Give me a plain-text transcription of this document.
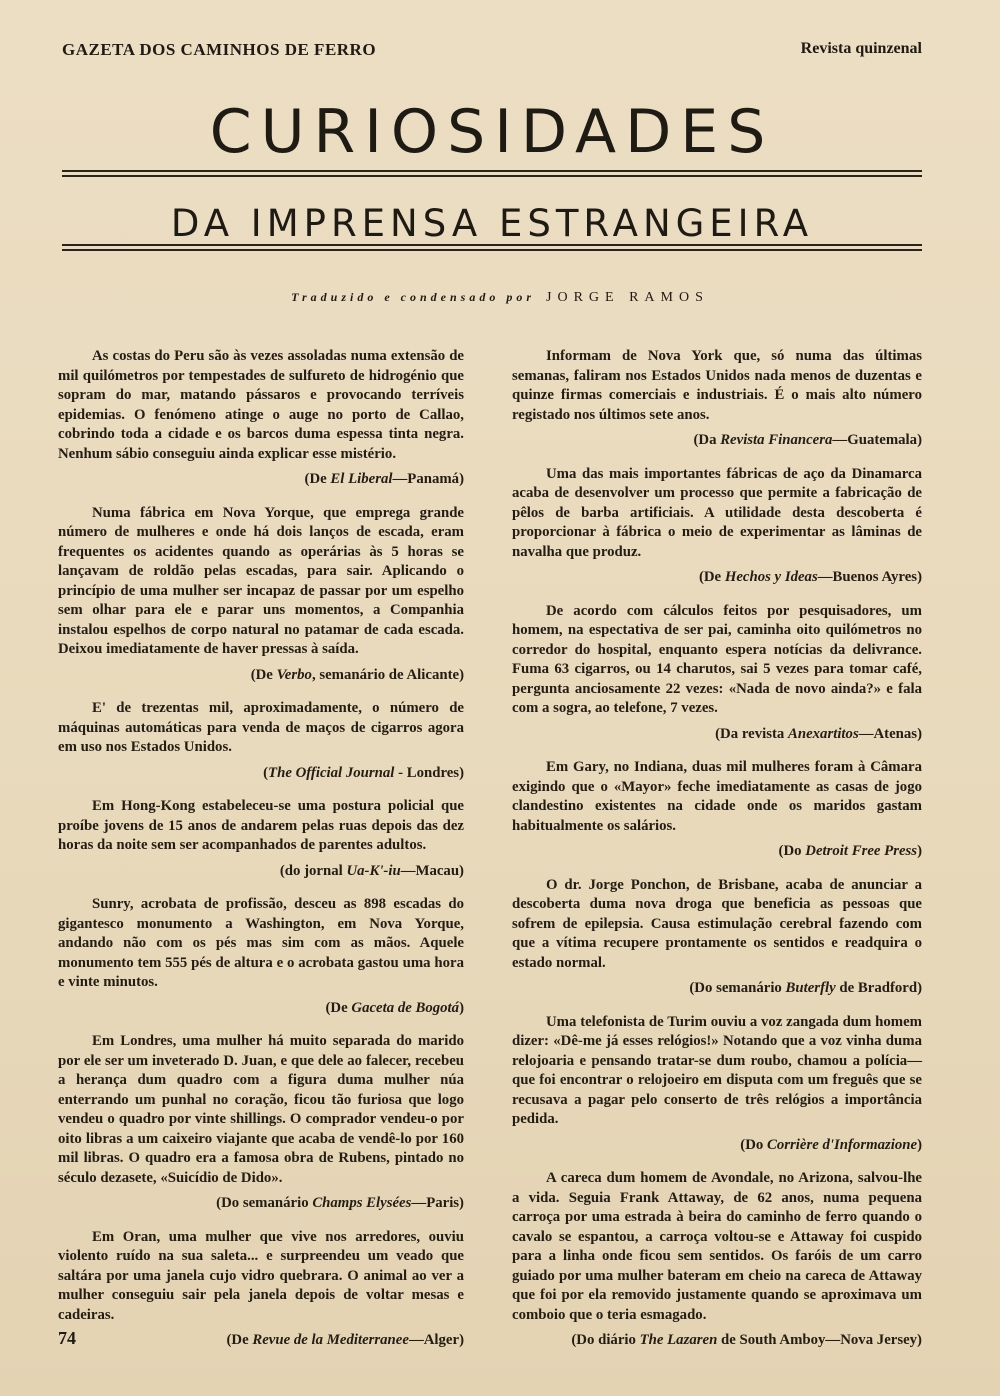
GAZETA DOS CAMINHOS DE FERRO	Revista quinzenal
CURIOSIDADES
DA IMPRENSA ESTRANGEIRA
Traduzido e condensado por JORGE RAMOS

As costas do Peru são às vezes assoladas numa extensão de mil quilómetros por tempestades de sulfureto de hidrogénio que sopram do mar, matando pássaros e provocando terríveis epidemias. O fenómeno atinge o auge no porto de Callao, cobrindo toda a cidade e os barcos duma espessa tinta negra. Nenhum sábio conseguiu ainda explicar esse mistério.

(De El Liberal—Panamá)

Numa fábrica em Nova Yorque, que emprega grande número de mulheres e onde há dois lanços de escada, eram frequentes os acidentes quando as operárias às 5 horas se lançavam de roldão pelas escadas, para sair. Aplicando o princípio de uma mulher ser incapaz de passar por um espelho sem olhar para ele e parar uns momentos, a Companhia instalou espelhos de corpo natural no patamar de cada escada. Deixou imediatamente de haver pressas à saída.

(De Verbo, semanário de Alicante)

E' de trezentas mil, aproximadamente, o número de máquinas automáticas para venda de maços de cigarros agora em uso nos Estados Unidos.

(The Official Journal - Londres)

Em Hong-Kong estabeleceu-se uma postura policial que proíbe jovens de 15 anos de andarem pelas ruas depois das dez horas da noite sem ser acompanhados de parentes adultos.

(do jornal Ua-K'-iu—Macau)

Sunry, acrobata de profissão, desceu as 898 escadas do gigantesco monumento a Washington, em Nova Yorque, andando não com os pés mas sim com as mãos. Aquele monumento tem 555 pés de altura e o acrobata gastou uma hora e vinte minutos.

(De Gaceta de Bogotá)

Em Londres, uma mulher há muito separada do marido por ele ser um inveterado D. Juan, e que dele ao falecer, recebeu a herança dum quadro com a figura duma mulher núa enterrando um punhal no coração, ficou tão furiosa que logo vendeu o quadro por vinte shillings. O comprador vendeu-o por oito libras a um caixeiro viajante que acaba de vendê-lo por 160 mil libras. O quadro era a famosa obra de Rubens, pintado no século dezasete, «Suicídio de Dido».

(Do semanário Champs Elysées—Paris)

Em Oran, uma mulher que vive nos arredores, ouviu violento ruído na sua saleta... e surpreendeu um veado que saltára por uma janela cujo vidro quebrara. O animal ao ver a mulher conseguiu sair pela janela depois de voltar mesas e cadeiras.

(De Revue de la Mediterranee—Alger)

Informam de Nova York que, só numa das últimas semanas, faliram nos Estados Unidos nada menos de duzentas e quinze firmas comerciais e industriais. É o mais alto número registado nos últimos sete anos.

(Da Revista Financera—Guatemala)

Uma das mais importantes fábricas de aço da Dinamarca acaba de desenvolver um processo que permite a fabricação de pêlos de barba artificiais. A utilidade desta descoberta é proporcionar à fábrica o meio de experimentar as lâminas de navalha que produz.

(De Hechos y Ideas—Buenos Ayres)

De acordo com cálculos feitos por pesquisadores, um homem, na espectativa de ser pai, caminha oito quilómetros no corredor do hospital, enquanto espera notícias da delivrance. Fuma 63 cigarros, ou 14 charutos, sai 5 vezes para tomar café, pergunta anciosamente 22 vezes: «Nada de novo ainda?» e fala com a sogra, ao telefone, 7 vezes.

(Da revista Anexartitos—Atenas)

Em Gary, no Indiana, duas mil mulheres foram à Câmara exigindo que o «Mayor» feche imediatamente as casas de jogo clandestino existentes na cidade onde os maridos gastam habitualmente os salários.

(Do Detroit Free Press)

O dr. Jorge Ponchon, de Brisbane, acaba de anunciar a descoberta duma nova droga que beneficia as pessoas que sofrem de epilepsia. Causa estimulação cerebral fazendo com que a vítima recupere prontamente os sentidos e readquira o estado normal.

(Do semanário Buterfly de Bradford)

Uma telefonista de Turim ouviu a voz zangada dum homem dizer: «Dê-me já esses relógios!» Notando que a voz vinha duma relojoaria e pensando tratar-se dum roubo, chamou a polícia—que foi encontrar o relojoeiro em disputa com um freguês que se recusava a pagar pelo conserto de três relógios a importância pedida.

(Do Corrière d'Informazione)

A careca dum homem de Avondale, no Arizona, salvou-lhe a vida. Seguia Frank Attaway, de 62 anos, numa pequena carroça por uma estrada à beira do caminho de ferro quando o cavalo se espantou, a carroça voltou-se e Attaway foi cuspido para a linha onde ficou sem sentidos. Os faróis de um carro guiado por uma mulher bateram em cheio na careca de Attaway que foi por ela removido justamente quando se aproximava um comboio que o teria esmagado.

(Do diário The Lazaren de South Amboy—Nova Jersey)
74
